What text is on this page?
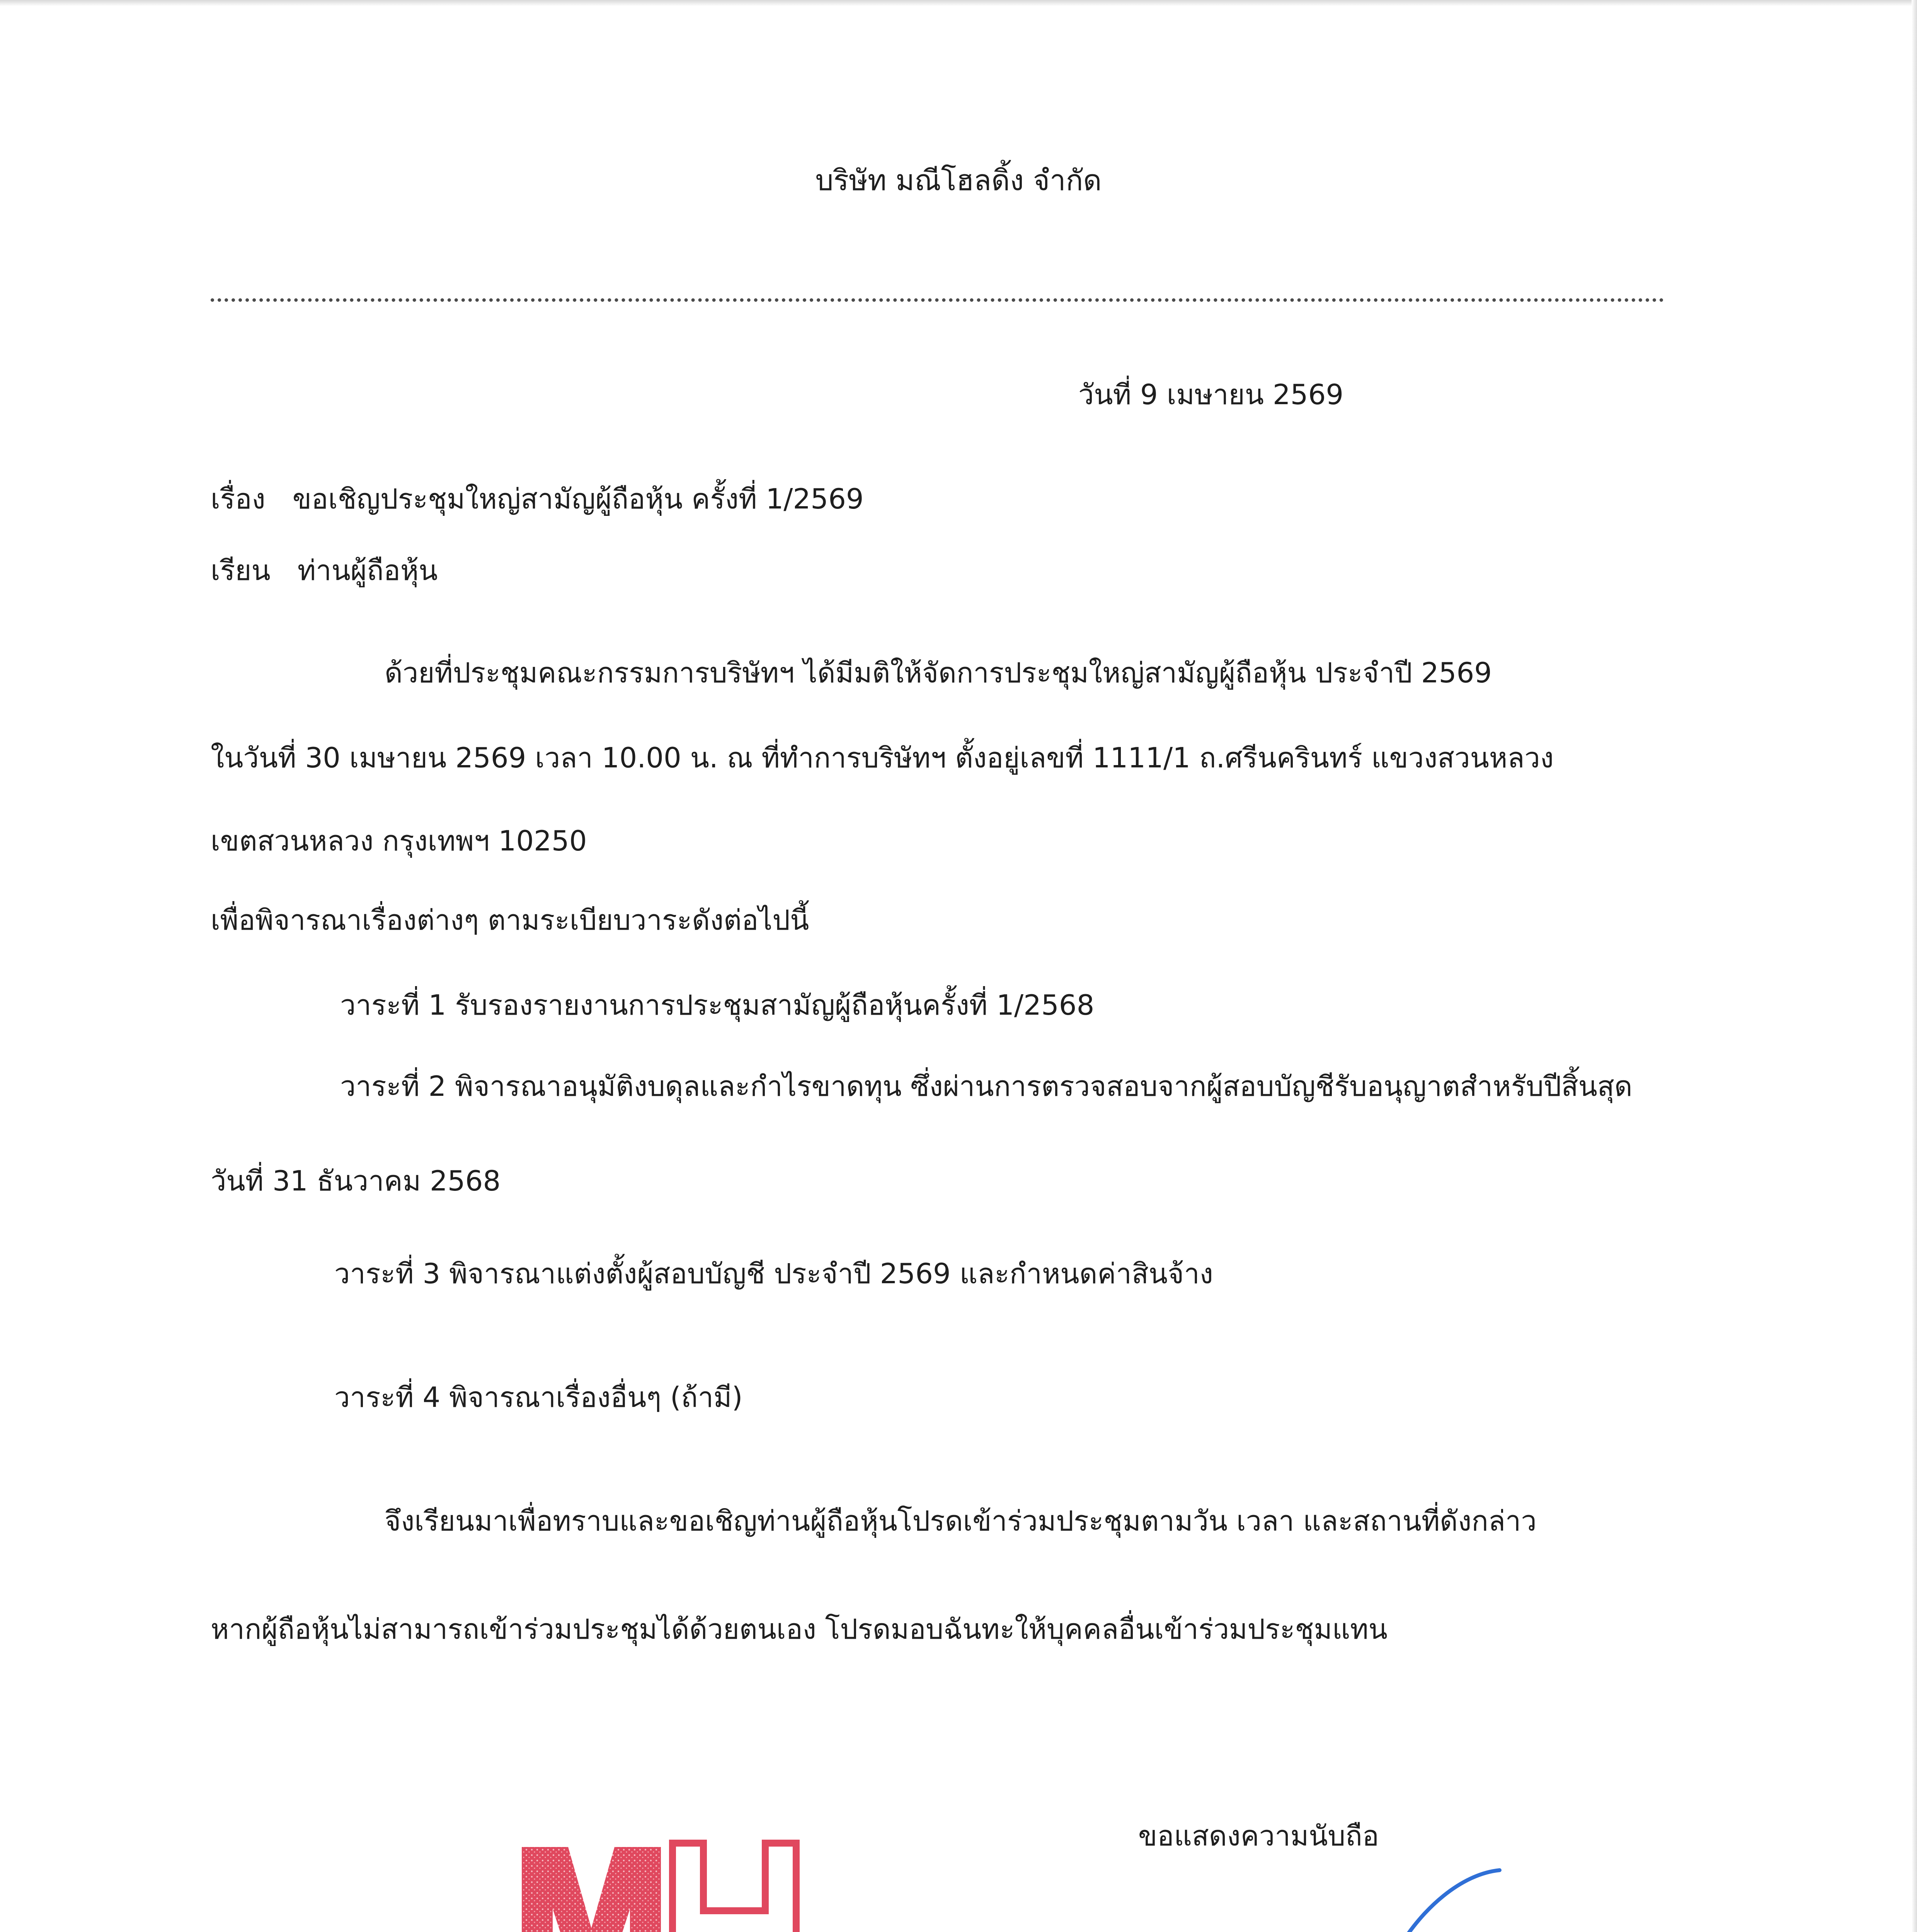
บริษัท มณีโฮลดิ้ง จำกัด
วันที่ 9 เมษายน 2569
เรื่อง ขอเชิญประชุมใหญ่สามัญผู้ถือหุ้น ครั้งที่ 1/2569
เรียน ท่านผู้ถือหุ้น
ด้วยที่ประชุมคณะกรรมการบริษัทฯ ได้มีมติให้จัดการประชุมใหญ่สามัญผู้ถือหุ้น ประจำปี 2569
ในวันที่ 30 เมษายน 2569 เวลา 10.00 น. ณ ที่ทำการบริษัทฯ ตั้งอยู่เลขที่ 1111/1 ถ.ศรีนครินทร์ แขวงสวนหลวง
เขตสวนหลวง กรุงเทพฯ 10250
เพื่อพิจารณาเรื่องต่างๆ ตามระเบียบวาระดังต่อไปนี้
วาระที่ 1 รับรองรายงานการประชุมสามัญผู้ถือหุ้นครั้งที่ 1/2568
วาระที่ 2 พิจารณาอนุมัติงบดุลและกำไรขาดทุน ซึ่งผ่านการตรวจสอบจากผู้สอบบัญชีรับอนุญาตสำหรับปีสิ้นสุด
วันที่ 31 ธันวาคม 2568
วาระที่ 3 พิจารณาแต่งตั้งผู้สอบบัญชี ประจำปี 2569 และกำหนดค่าสินจ้าง
วาระที่ 4 พิจารณาเรื่องอื่นๆ (ถ้ามี)
จึงเรียนมาเพื่อทราบและขอเชิญท่านผู้ถือหุ้นโปรดเข้าร่วมประชุมตามวัน เวลา และสถานที่ดังกล่าว
หากผู้ถือหุ้นไม่สามารถเข้าร่วมประชุมได้ด้วยตนเอง โปรดมอบฉันทะให้บุคคลอื่นเข้าร่วมประชุมแทน
ขอแสดงความนับถือ
